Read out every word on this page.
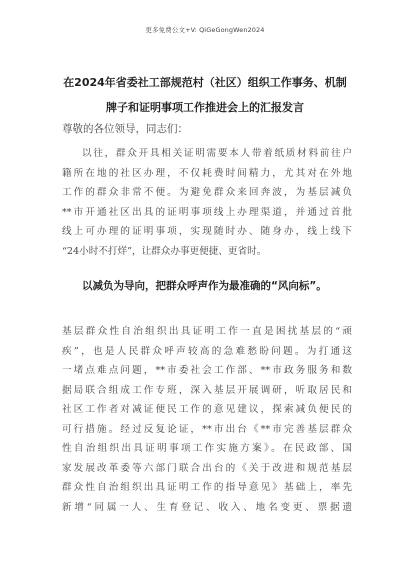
更多免费公文+V: QiGeGongWen2024
在2024年省委社工部规范村（社区）组织工作事务、机制
牌子和证明事项工作推进会上的汇报发言
尊敬的各位领导，同志们：
以往，群众开具相关证明需要本人带着纸质材料前往户
籍所在地的社区办理，不仅耗费时间精力，尤其对在外地
工作的群众非常不便。为避免群众来回奔波，为基层减负
**市开通社区出具的证明事项线上办理渠道，并通过首批
线上可办理的证明事项，实现随时办、随身办，线上线下
“24小时不打烊”，让群众办事更便捷、更省时。
以减负为导向，把群众呼声作为最准确的“风向标”。
基层群众性自治组织出具证明工作一直是困扰基层的“顽
疾”，也是人民群众呼声较高的急难愁盼问题。为打通这
一堵点难点问题，**市委社会工作部、**市政务服务和数
据局联合组成工作专班，深入基层开展调研，听取居民和
社区工作者对减证便民工作的意见建议，探索减负便民的
可行措施。经过反复论证，**市出台《**市完善基层群众
性自治组织出具证明事项工作实施方案》。在民政部、国
家发展改革委等六部门联合出台的《关于改进和规范基层
群众性自治组织出具证明工作的指导意见》基础上，率先
新增“同属一人、生育登记、收入、地名变更、票据遗
